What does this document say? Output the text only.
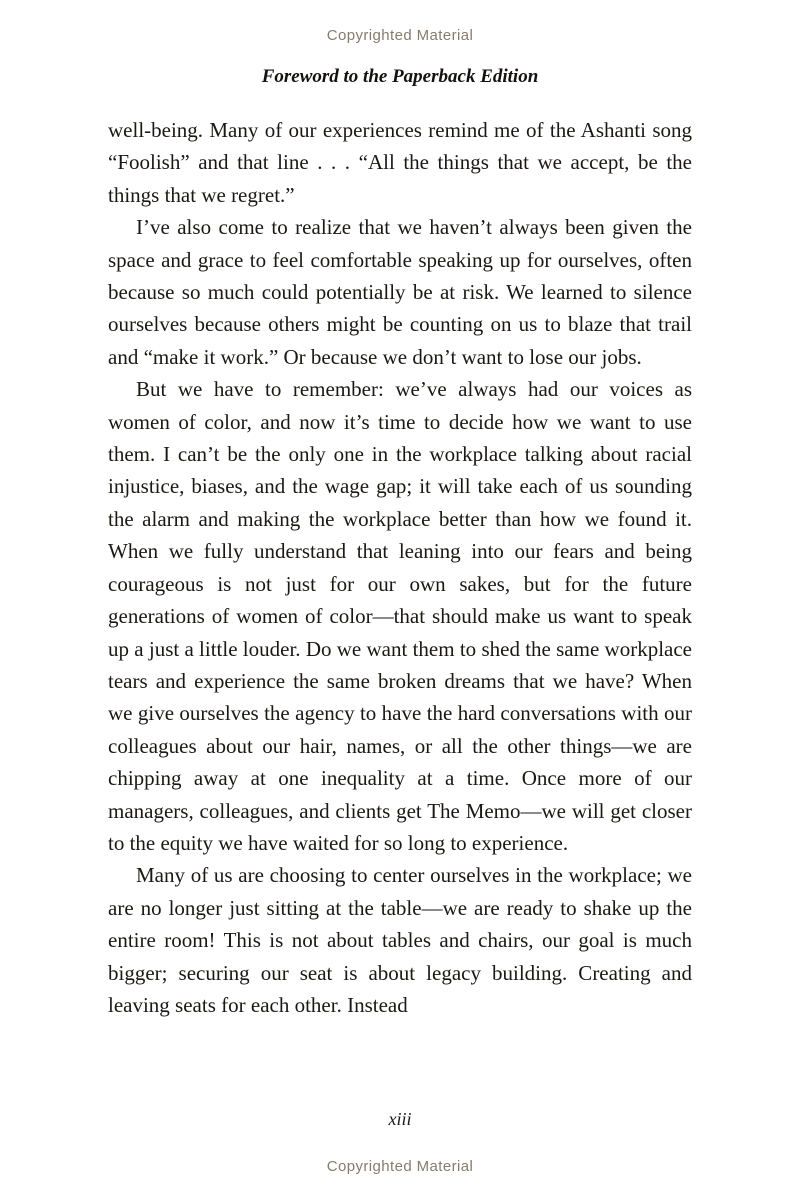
Copyrighted Material
Foreword to the Paperback Edition

well-being. Many of our experiences remind me of the Ashanti song “Foolish” and that line . . . “All the things that we accept, be the things that we regret.”

I’ve also come to realize that we haven’t always been given the space and grace to feel comfortable speaking up for ourselves, often because so much could potentially be at risk. We learned to silence ourselves because others might be counting on us to blaze that trail and “make it work.” Or because we don’t want to lose our jobs.

But we have to remember: we’ve always had our voices as women of color, and now it’s time to decide how we want to use them. I can’t be the only one in the workplace talking about racial injustice, biases, and the wage gap; it will take each of us sounding the alarm and making the workplace better than how we found it. When we fully understand that leaning into our fears and being courageous is not just for our own sakes, but for the future generations of women of color—that should make us want to speak up a just a little louder. Do we want them to shed the same workplace tears and experience the same broken dreams that we have? When we give ourselves the agency to have the hard conversations with our colleagues about our hair, names, or all the other things—we are chipping away at one inequality at a time. Once more of our managers, colleagues, and clients get The Memo—we will get closer to the equity we have waited for so long to experience.

Many of us are choosing to center ourselves in the workplace; we are no longer just sitting at the table—we are ready to shake up the entire room! This is not about tables and chairs, our goal is much bigger; securing our seat is about legacy building. Creating and leaving seats for each other. Instead

xiii
Copyrighted Material
